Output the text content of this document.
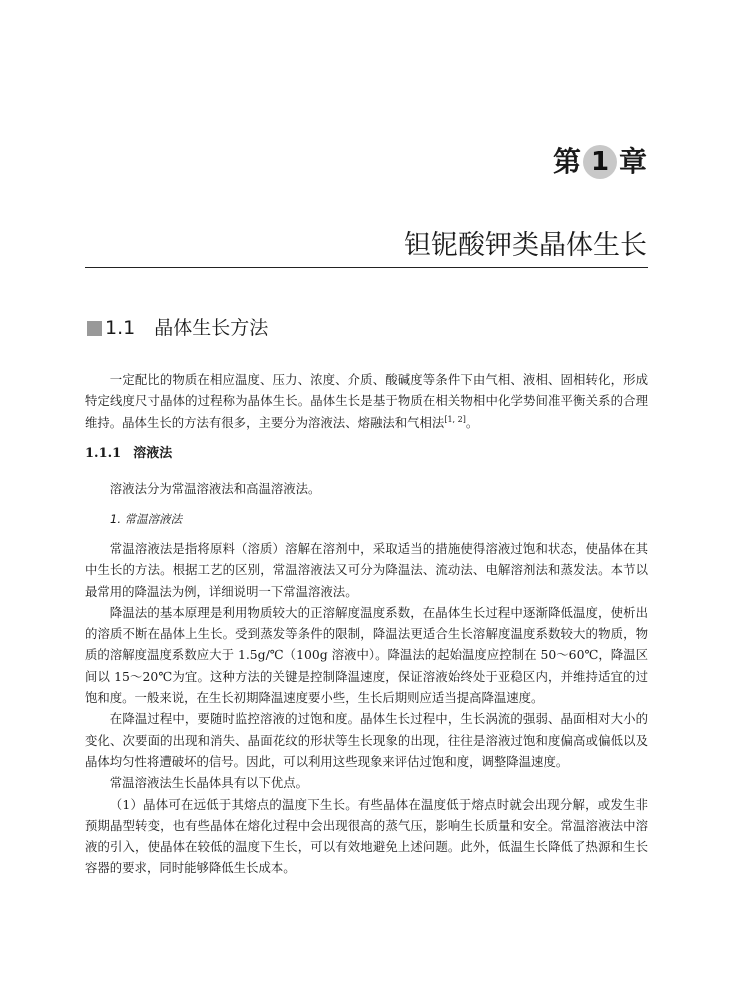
第 1 章
钽铌酸钾类晶体生长
1.1 晶体生长方法

一定配比的物质在相应温度、压力、浓度、介质、酸碱度等条件下由气相、液相、固相转化，形成特定线度尺寸晶体的过程称为晶体生长。晶体生长是基于物质在相关物相中化学势间准平衡关系的合理维持。晶体生长的方法有很多，主要分为溶液法、熔融法和气相法[1, 2]。

1.1.1 溶液法

溶液法分为常温溶液法和高温溶液法。

1. 常温溶液法

常温溶液法是指将原料（溶质）溶解在溶剂中，采取适当的措施使得溶液过饱和状态，使晶体在其中生长的方法。根据工艺的区别，常温溶液法又可分为降温法、流动法、电解溶剂法和蒸发法。本节以最常用的降温法为例，详细说明一下常温溶液法。

降温法的基本原理是利用物质较大的正溶解度温度系数，在晶体生长过程中逐渐降低温度，使析出的溶质不断在晶体上生长。受到蒸发等条件的限制，降温法更适合生长溶解度温度系数较大的物质，物质的溶解度温度系数应大于 1.5g/℃（100g 溶液中）。降温法的起始温度应控制在 50～60℃，降温区间以 15～20℃为宜。这种方法的关键是控制降温速度，保证溶液始终处于亚稳区内，并维持适宜的过饱和度。一般来说，在生长初期降温速度要小些，生长后期则应适当提高降温速度。

在降温过程中，要随时监控溶液的过饱和度。晶体生长过程中，生长涡流的强弱、晶面相对大小的变化、次要面的出现和消失、晶面花纹的形状等生长现象的出现，往往是溶液过饱和度偏高或偏低以及晶体均匀性将遭破坏的信号。因此，可以利用这些现象来评估过饱和度，调整降温速度。

常温溶液法生长晶体具有以下优点。

（1）晶体可在远低于其熔点的温度下生长。有些晶体在温度低于熔点时就会出现分解，或发生非预期晶型转变，也有些晶体在熔化过程中会出现很高的蒸气压，影响生长质量和安全。常温溶液法中溶液的引入，使晶体在较低的温度下生长，可以有效地避免上述问题。此外，低温生长降低了热源和生长容器的要求，同时能够降低生长成本。
